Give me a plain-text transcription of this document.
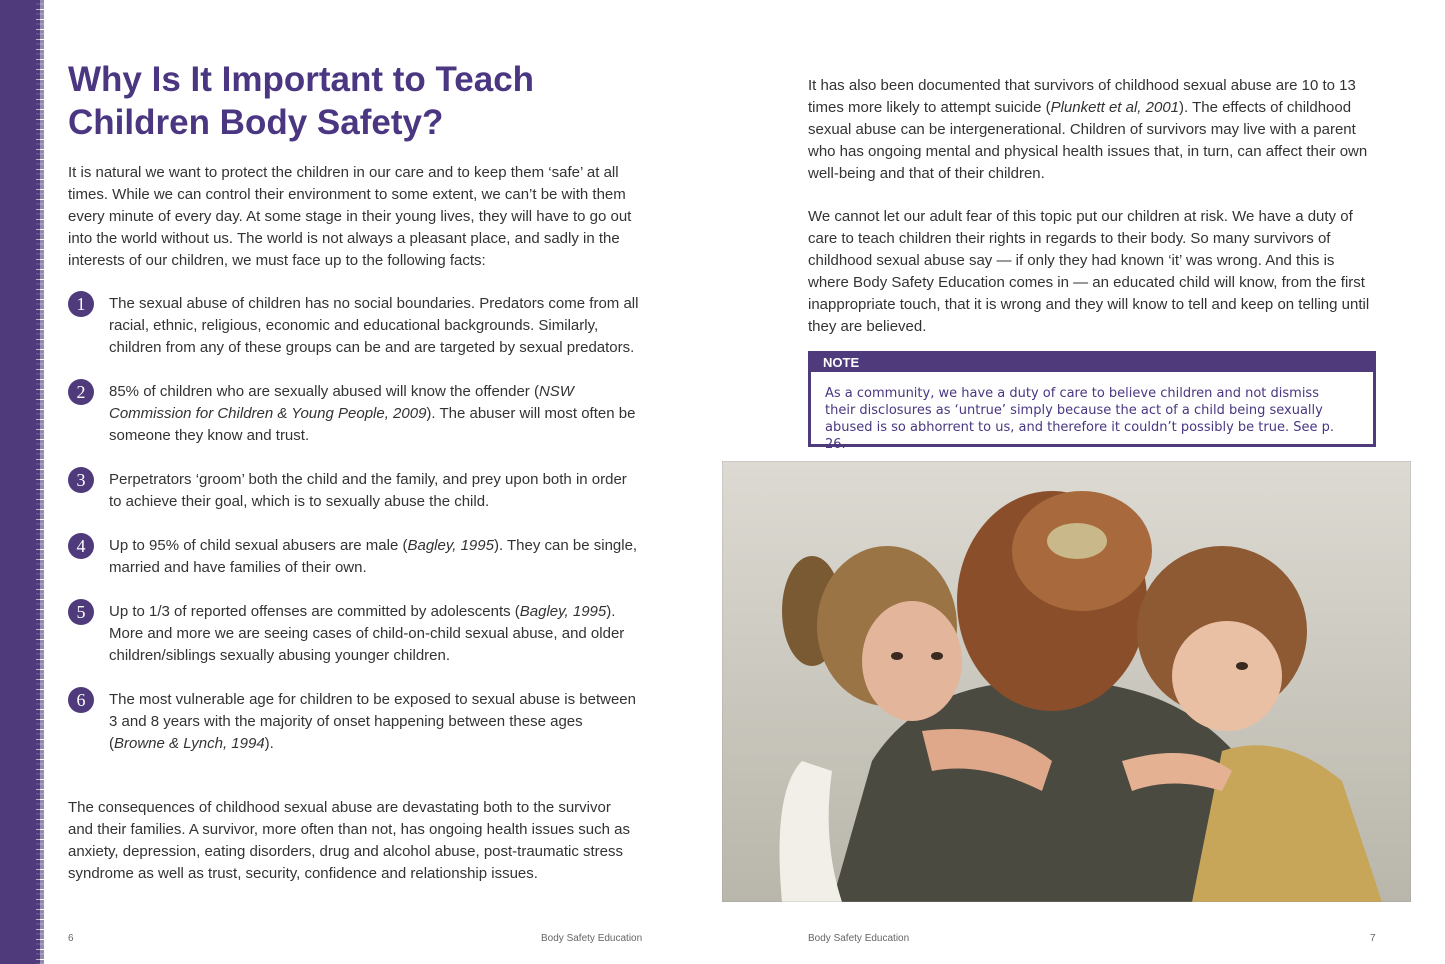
Why Is It Important to Teach Children Body Safety?

It is natural we want to protect the children in our care and to keep them ‘safe’ at all times. While we can control their environment to some extent, we can’t be with them every minute of every day. At some stage in their young lives, they will have to go out into the world without us. The world is not always a pleasant place, and sadly in the interests of our children, we must face up to the following facts:

1	The sexual abuse of children has no social boundaries. Predators come from all racial, ethnic, religious, economic and educational backgrounds. Similarly, children from any of these groups can be and are targeted by sexual predators.
2	85% of children who are sexually abused will know the offender (NSW Commission for Children & Young People, 2009). The abuser will most often be someone they know and trust.
3	Perpetrators ‘groom’ both the child and the family, and prey upon both in order to achieve their goal, which is to sexually abuse the child.
4	Up to 95% of child sexual abusers are male (Bagley, 1995). They can be single, married and have families of their own.
5	Up to 1/3 of reported offenses are committed by adolescents (Bagley, 1995). More and more we are seeing cases of child-on-child sexual abuse, and older children/siblings sexually abusing younger children.
6	The most vulnerable age for children to be exposed to sexual abuse is between 3 and 8 years with the majority of onset happening between these ages (Browne & Lynch, 1994).

The consequences of childhood sexual abuse are devastating both to the survivor and their families. A survivor, more often than not, has ongoing health issues such as anxiety, depression, eating disorders, drug and alcohol abuse, post-traumatic stress syndrome as well as trust, security, confidence and relationship issues.

6	Body Safety Education

It has also been documented that survivors of childhood sexual abuse are 10 to 13 times more likely to attempt suicide (Plunkett et al, 2001). The effects of childhood sexual abuse can be intergenerational. Children of survivors may live with a parent who has ongoing mental and physical health issues that, in turn, can affect their own well-being and that of their children.

We cannot let our adult fear of this topic put our children at risk. We have a duty of care to teach children their rights in regards to their body. So many survivors of childhood sexual abuse say — if only they had known ‘it’ was wrong. And this is where Body Safety Education comes in — an educated child will know, from the first inappropriate touch, that it is wrong and they will know to tell and keep on telling until they are believed.

NOTE
As a community, we have a duty of care to believe children and not dismiss their disclosures as ‘untrue’ simply because the act of a child being sexually abused is so abhorrent to us, and therefore it couldn’t possibly be true. See p. 26.
Body Safety Education	7
